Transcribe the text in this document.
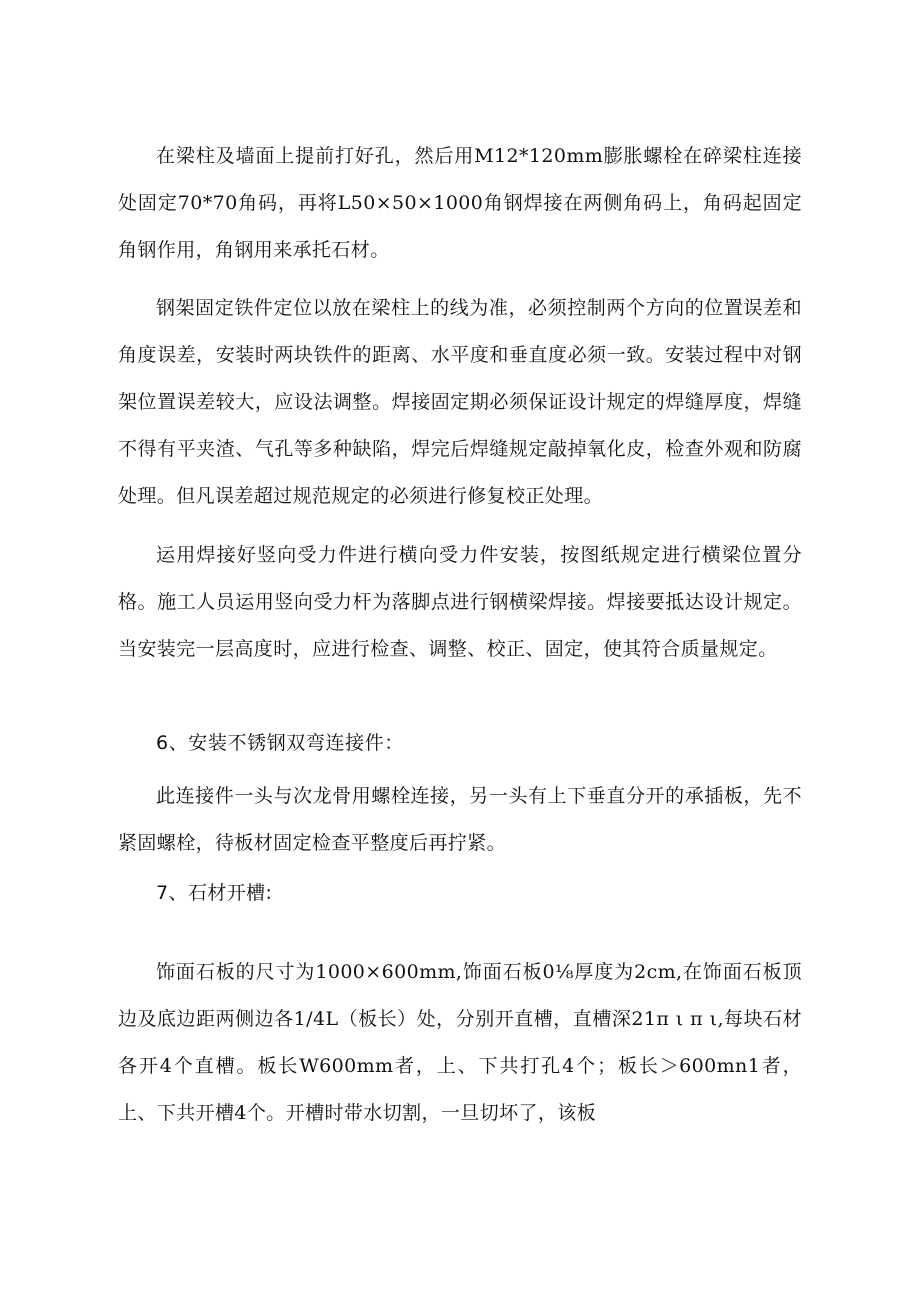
在梁柱及墙面上提前打好孔，然后用M12*120mm膨胀螺栓在碎梁柱连接处固定70*70角码，再将L50×50×1000角钢焊接在两侧角码上，角码起固定角钢作用，角钢用来承托石材。

钢架固定铁件定位以放在梁柱上的线为准，必须控制两个方向的位置误差和角度误差，安装时两块铁件的距离、水平度和垂直度必须一致。安装过程中对钢架位置误差较大，应设法调整。焊接固定期必须保证设计规定的焊缝厚度，焊缝不得有平夹渣、气孔等多种缺陷，焊完后焊缝规定敲掉氧化皮，检查外观和防腐处理。但凡误差超过规范规定的必须进行修复校正处理。

运用焊接好竖向受力件进行横向受力件安装，按图纸规定进行横梁位置分格。施工人员运用竖向受力杆为落脚点进行钢横梁焊接。焊接要抵达设计规定。当安装完一层高度时，应进行检查、调整、校正、固定，使其符合质量规定。

6、安装不锈钢双弯连接件：

此连接件一头与次龙骨用螺栓连接，另一头有上下垂直分开的承插板，先不紧固螺栓，待板材固定检查平整度后再拧紧。

7、石材开槽:

饰面石板的尺寸为1000×600mm,饰面石板0⅛厚度为2cm,在饰面石板顶边及底边距两侧边各1/4L（板长）处，分别开直槽，直槽深21π ι π ι,每块石材各开4个直槽。板长W600mm者，上、下共打孔4个；板长＞600mn1者，上、下共开槽4个。开槽时带水切割，一旦切坏了，该板
